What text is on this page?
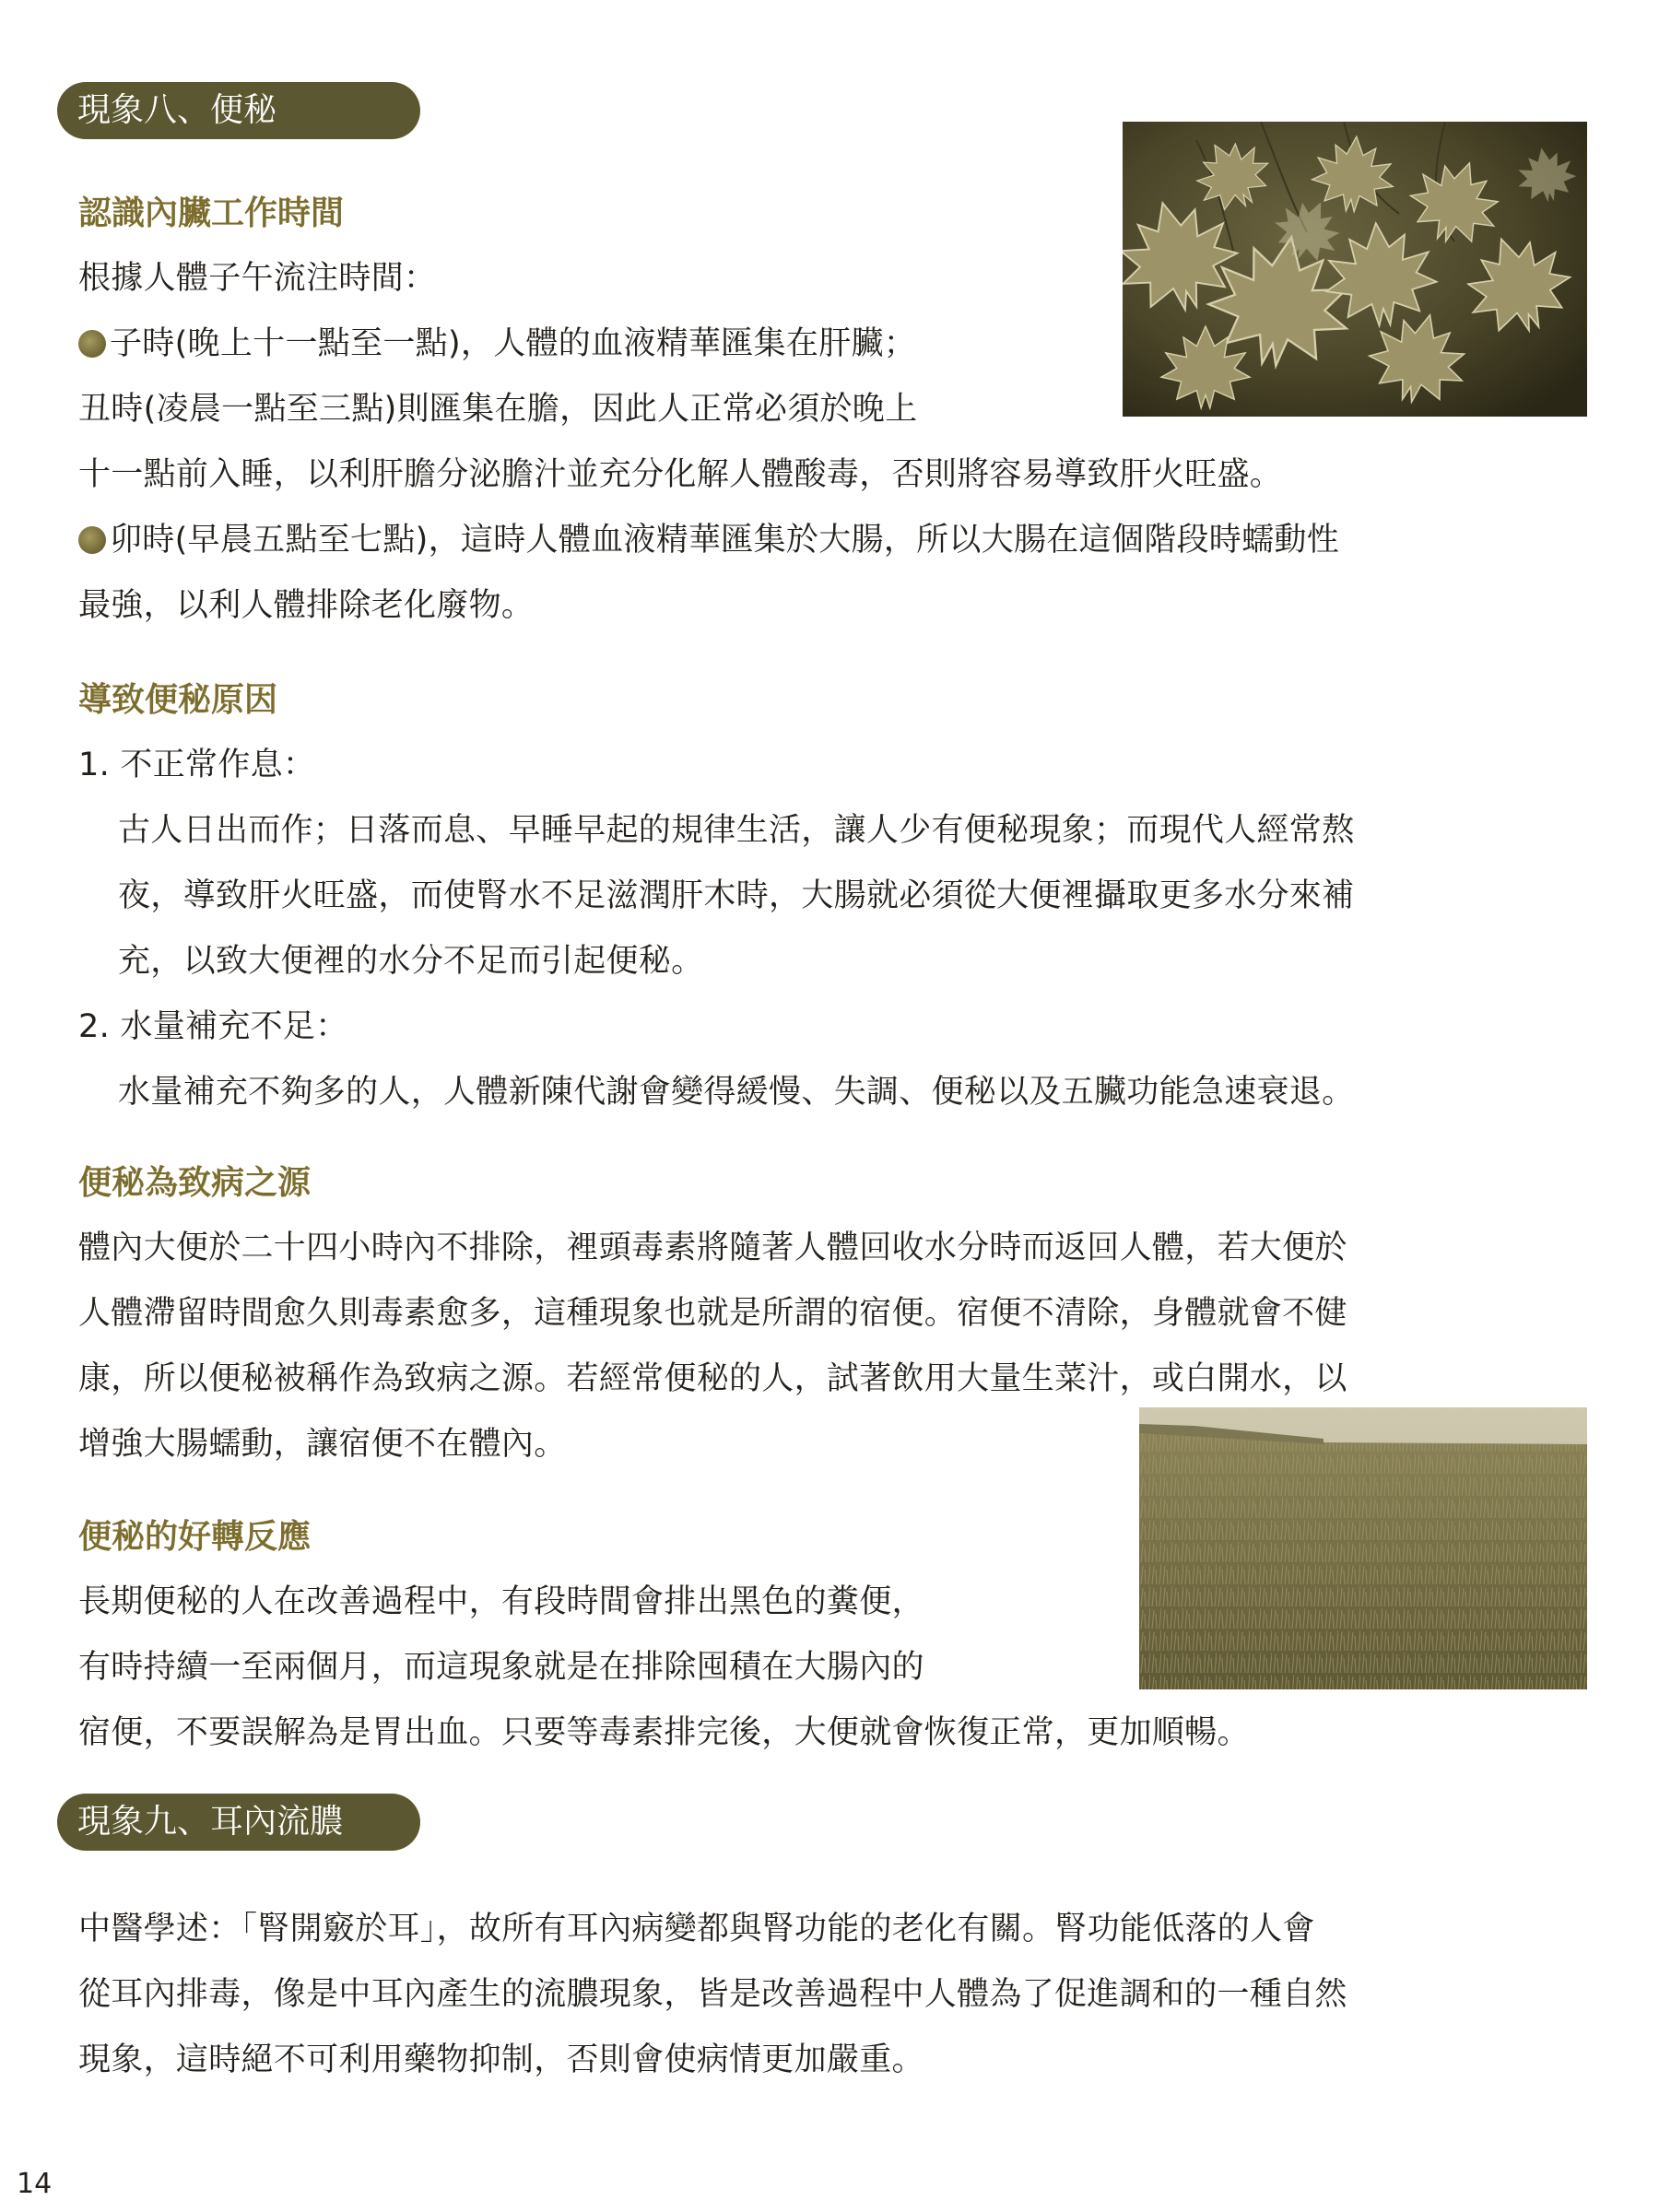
現象八、便秘
認識內臟工作時間
根據人體子午流注時間：
子時(晚上十一點至一點)，人體的血液精華匯集在肝臟；
丑時(凌晨一點至三點)則匯集在膽，因此人正常必須於晚上
十一點前入睡，以利肝膽分泌膽汁並充分化解人體酸毒，否則將容易導致肝火旺盛。
卯時(早晨五點至七點)，這時人體血液精華匯集於大腸，所以大腸在這個階段時蠕動性
最強，以利人體排除老化廢物。
導致便秘原因
1. 不正常作息：
古人日出而作；日落而息、早睡早起的規律生活，讓人少有便秘現象；而現代人經常熬
夜，導致肝火旺盛，而使腎水不足滋潤肝木時，大腸就必須從大便裡攝取更多水分來補
充，以致大便裡的水分不足而引起便秘。
2. 水量補充不足：
水量補充不夠多的人，人體新陳代謝會變得緩慢、失調、便秘以及五臟功能急速衰退。
便秘為致病之源
體內大便於二十四小時內不排除，裡頭毒素將隨著人體回收水分時而返回人體，若大便於
人體滯留時間愈久則毒素愈多，這種現象也就是所謂的宿便。宿便不清除，身體就會不健
康，所以便秘被稱作為致病之源。若經常便秘的人，試著飲用大量生菜汁，或白開水，以
增強大腸蠕動，讓宿便不在體內。
便秘的好轉反應
長期便秘的人在改善過程中，有段時間會排出黑色的糞便，
有時持續一至兩個月，而這現象就是在排除囤積在大腸內的
宿便，不要誤解為是胃出血。只要等毒素排完後，大便就會恢復正常，更加順暢。
現象九、耳內流膿
中醫學述：「腎開竅於耳」，故所有耳內病變都與腎功能的老化有關。腎功能低落的人會
從耳內排毒，像是中耳內產生的流膿現象，皆是改善過程中人體為了促進調和的一種自然
現象，這時絕不可利用藥物抑制，否則會使病情更加嚴重。
14
